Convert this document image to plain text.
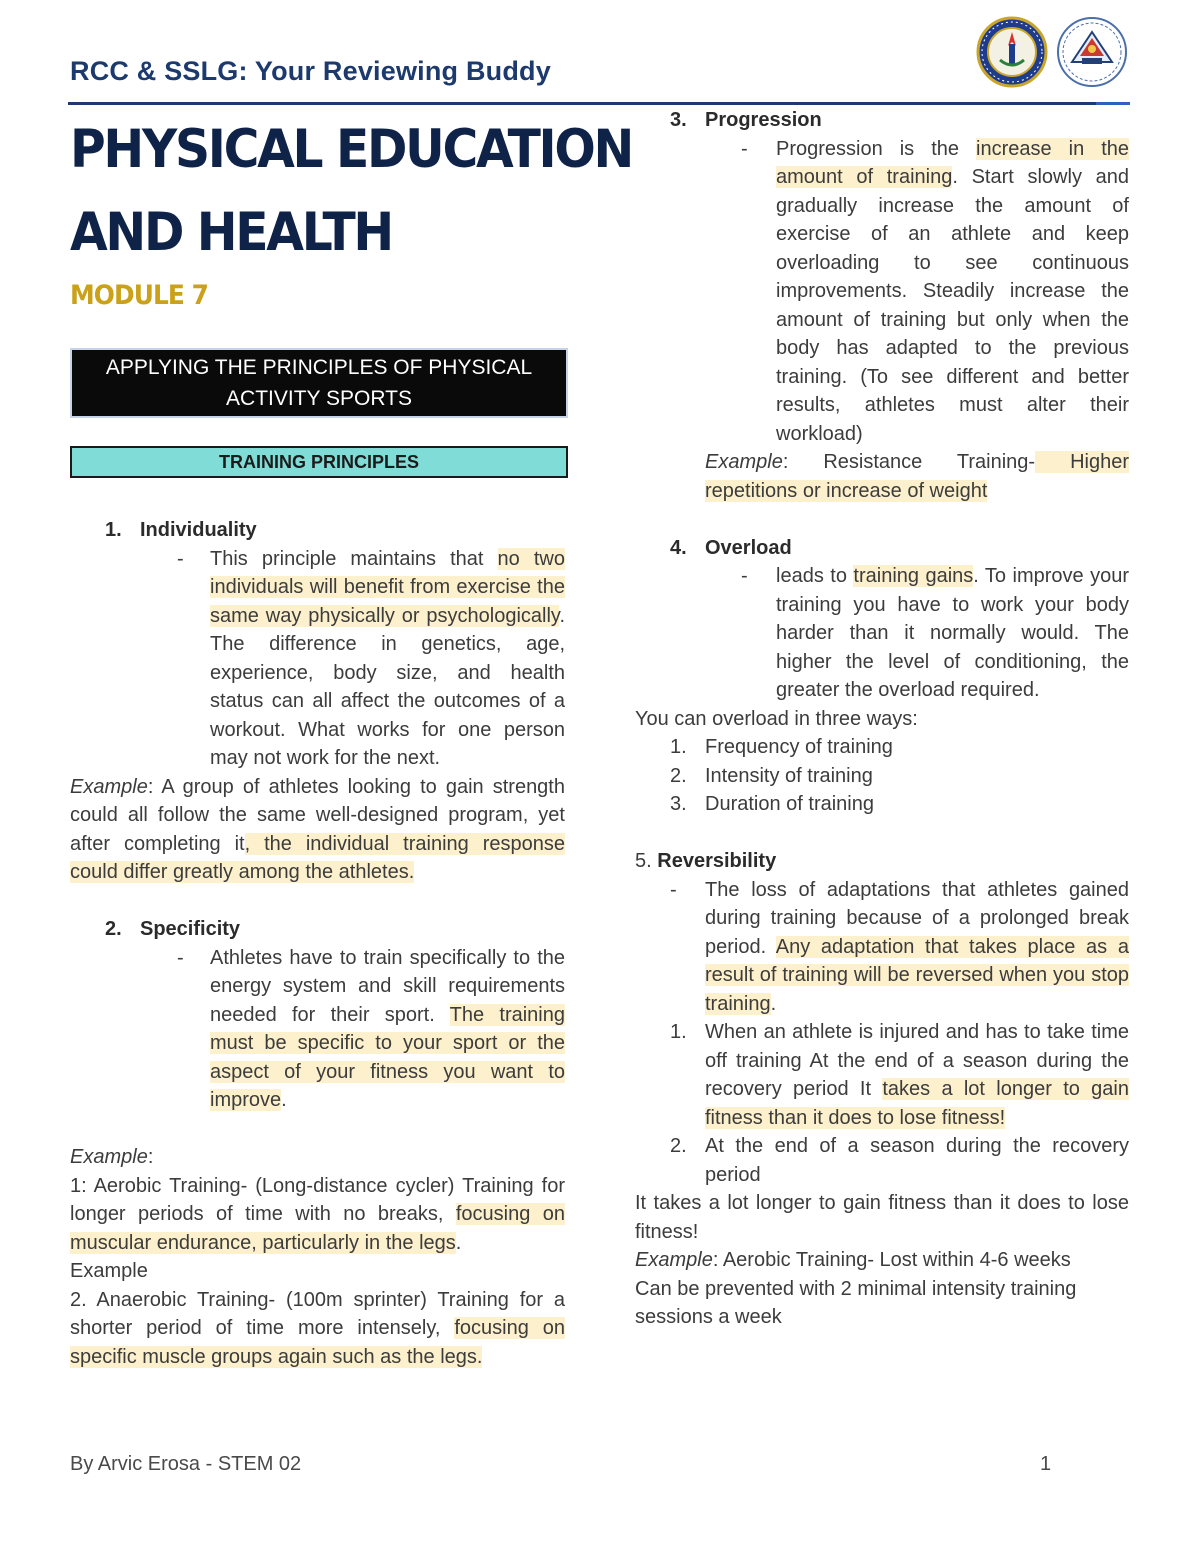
RCC & SSLG: Your Reviewing Buddy
PHYSICAL EDUCATION
AND HEALTH
MODULE 7
APPLYING THE PRINCIPLES OF PHYSICAL
ACTIVITY SPORTS
TRAINING PRINCIPLES
1. Individuality
- This principle maintains that no two individuals will benefit from exercise the same way physically or psychologically. The difference in genetics, age, experience, body size, and health status can all affect the outcomes of a workout. What works for one person may not work for the next.
Example: A group of athletes looking to gain strength could all follow the same well-designed program, yet after completing it, the individual training response could differ greatly among the athletes.
2. Specificity
- Athletes have to train specifically to the energy system and skill requirements needed for their sport. The training must be specific to your sport or the aspect of your fitness you want to improve.
Example:
1: Aerobic Training- (Long-distance cycler) Training for longer periods of time with no breaks, focusing on muscular endurance, particularly in the legs.
Example
2. Anaerobic Training- (100m sprinter) Training for a shorter period of time more intensely, focusing on specific muscle groups again such as the legs.
3. Progression
- Progression is the increase in the amount of training. Start slowly and gradually increase the amount of exercise of an athlete and keep overloading to see continuous improvements. Steadily increase the amount of training but only when the body has adapted to the previous training. (To see different and better results, athletes must alter their workload)
Example: Resistance Training- Higher repetitions or increase of weight
4. Overload
- leads to training gains. To improve your training you have to work your body harder than it normally would. The higher the level of conditioning, the greater the overload required.
You can overload in three ways:
1. Frequency of training
2. Intensity of training
3. Duration of training
5. Reversibility
- The loss of adaptations that athletes gained during training because of a prolonged break period. Any adaptation that takes place as a result of training will be reversed when you stop training.
1. When an athlete is injured and has to take time off training At the end of a season during the recovery period It takes a lot longer to gain fitness than it does to lose fitness!
2. At the end of a season during the recovery period
It takes a lot longer to gain fitness than it does to lose fitness!
Example: Aerobic Training- Lost within 4-6 weeks
Can be prevented with 2 minimal intensity training sessions a week
By Arvic Erosa - STEM 02	1
